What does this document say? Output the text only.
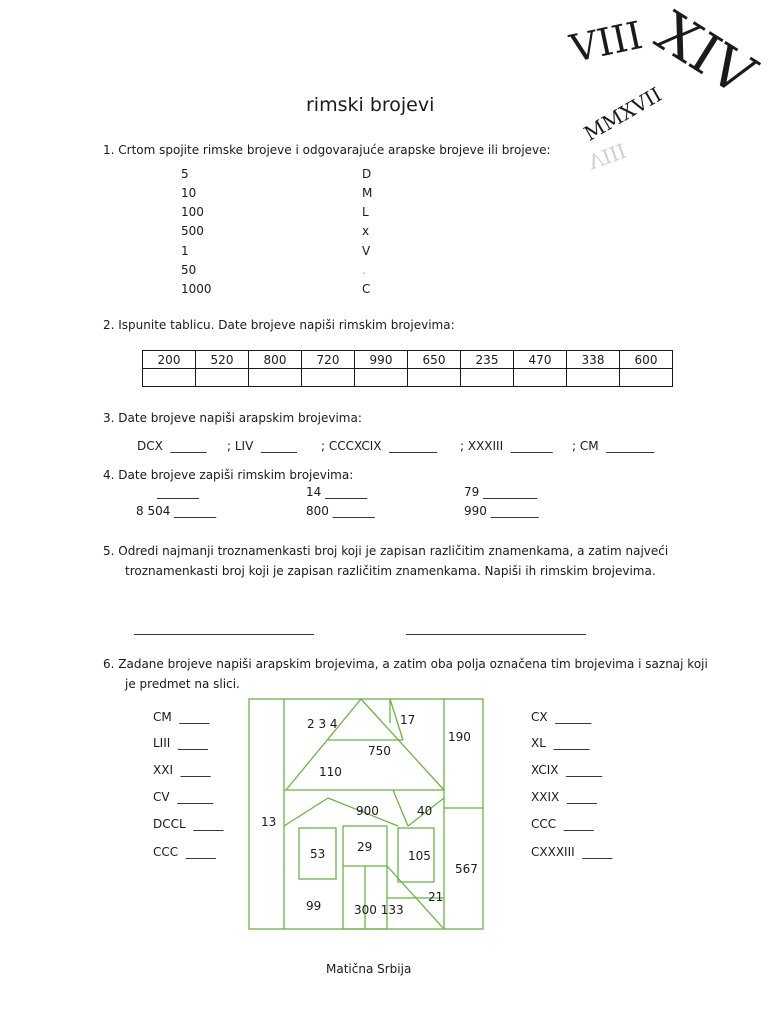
VIII
XIV
MMXVII
VIII
rimski brojevi
1. Crtom spojite rimske brojeve i odgovarajuće arapske brojeve ili brojeve:
5
10
100
500
1
50
1000
D
M
L
x
V
.
C
2. Ispunite tablicu. Date brojeve napiši rimskim brojevima:
200	520	800	720	990	650	235	470	338	600

3. Date brojeve napiši arapskim brojevima:
DCX  ______ ; LIV  ______ ; CCCXCIX  ________ ; XXXIII  _______ ; CM  ________
4. Date brojeve zapiši rimskim brojevima:
_______	14 _______	79 _________
8 504 _______	800 _______	990 ________
5. Odredi najmanji troznamenkasti broj koji je zapisan različitim znamenkama, a zatim najveći
troznamenkasti broj koji je zapisan različitim znamenkama. Napiši ih rimskim brojevima.
______________________________	______________________________
6. Zadane brojeve napiši arapskim brojevima, a zatim oba polja označena tim brojevima i saznaj koji
je predmet na slici.
CM  _____
LIII  _____
XXI  _____
CV  ______
DCCL  _____
CCC  _____
CX  ______
XL  ______
XCIX  ______
XXIX  _____
CCC  _____
CXXXIII  _____
2 3 4	17
190
750
110
13
900	40
29
53	105
567
21
99	300 133
Matična Srbija
